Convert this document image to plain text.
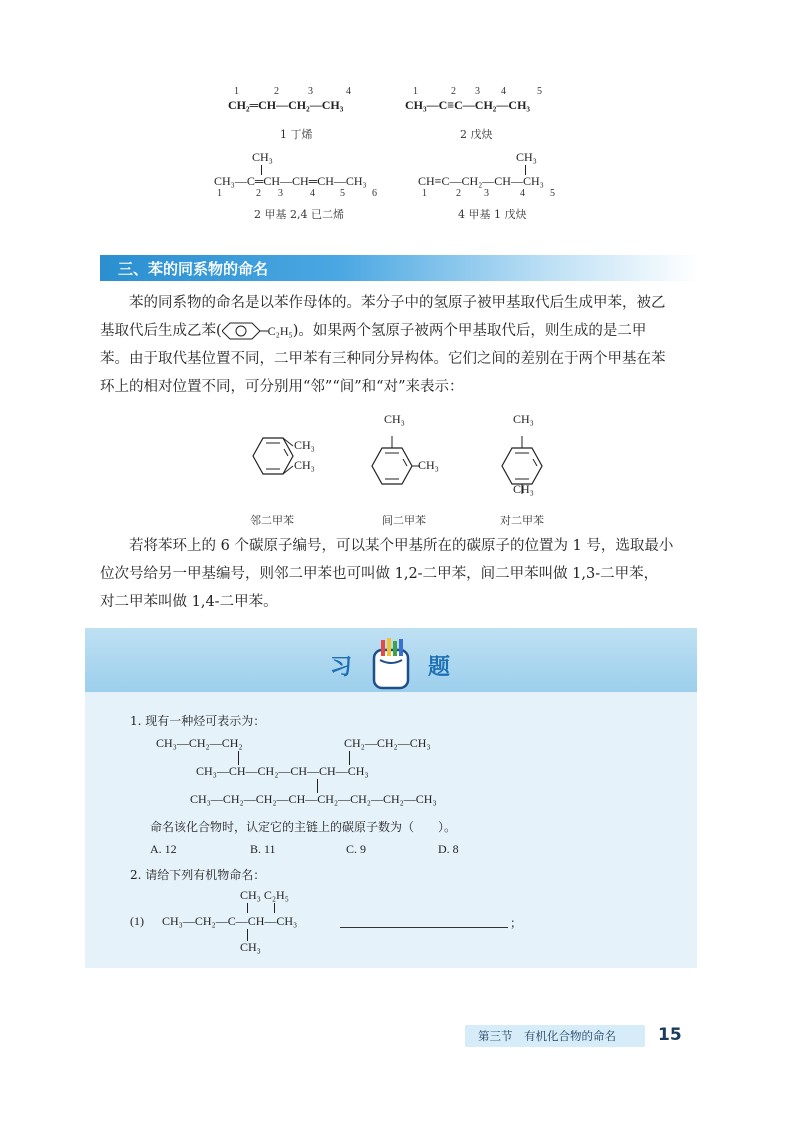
1	2	3	4
CH₂═CH—CH₂—CH₃
1 丁烯
1	2 3 4	5
CH₃—C≡C—CH₂—CH₃
2 戊炔
CH₃
CH₃—C═CH—CH═CH—CH₃
1	2 3	4	5	6
2 甲基 2,4 已二烯
CH₃
CH≡C—CH₂—CH—CH₃
1	2 3	4	5
4 甲基 1 戊炔
三、苯的同系物的命名

苯的同系物的命名是以苯作母体的。苯分子中的氢原子被甲基取代后生成甲苯，被乙

基取代后生成乙苯(	C₂H₅)。如果两个氢原子被两个甲基取代后，则生成的是二甲
苯。由于取代基位置不同，二甲苯有三种同分异构体。它们之间的差别在于两个甲基在苯
环上的相对位置不同，可分别用“邻”“间”和“对”来表示：
CH₃
CH₃
CH₃
CH₃
CH₃
CH₃
邻二甲苯	间二甲苯	对二甲苯

若将苯环上的 6 个碳原子编号，可以某个甲基所在的碳原子的位置为 1 号，选取最小

位次号给另一甲基编号，则邻二甲苯也可叫做 1,2-二甲苯，间二甲苯叫做 1,3-二甲苯，
对二甲苯叫做 1,4-二甲苯。
习	题
1. 现有一种烃可表示为：
CH₃—CH₂—CH₂	CH₂—CH₂—CH₃
CH₃—CH—CH₂—CH—CH—CH₃
CH₃—CH₂—CH₂—CH—CH₂—CH₂—CH₂—CH₃
命名该化合物时，认定它的主链上的碳原子数为（　　）。
A. 12	B. 11	C. 9	D. 8
2. 请给下列有机物命名：
CH₃ C₂H₅
(1) CH₃—CH₂—C—CH—CH₃	；
CH₃
第三节　有机化合物的命名 15
